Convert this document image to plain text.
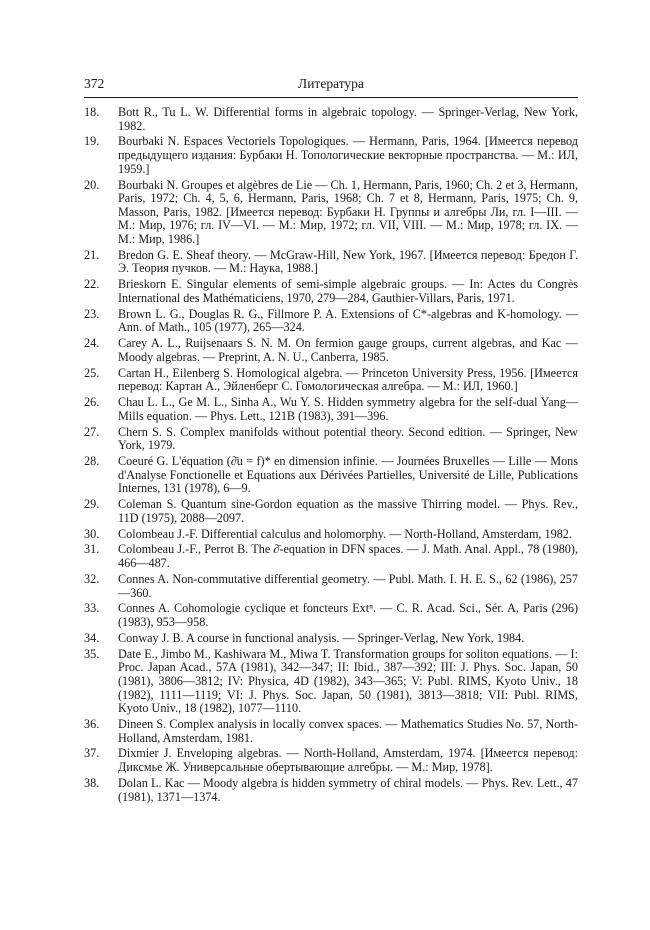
372	Литература
18.	Bott R., Tu L. W. Differential forms in algebraic topology. — Springer-Verlag, New York, 1982.
19.	Bourbaki N. Espaces Vectoriels Topologiques. — Hermann, Paris, 1964. [Имеется перевод предыдущего издания: Бурбаки Н. Топологические векторные пространства. — М.: ИЛ, 1959.]
20.	Bourbaki N. Groupes et algèbres de Lie — Ch. 1, Hermann, Paris, 1960; Ch. 2 et 3, Hermann, Paris, 1972; Ch. 4, 5, 6, Hermann, Paris, 1968; Ch. 7 et 8, Hermann, Paris, 1975; Ch. 9, Masson, Paris, 1982. [Имеется перевод: Бурбаки Н. Группы и алгебры Ли, гл. I—III. — М.: Мир, 1976; гл. IV—VI. — М.: Мир, 1972; гл. VII, VIII. — М.: Мир, 1978; гл. IX. — М.: Мир, 1986.]
21.	Bredon G. E. Sheaf theory. — McGraw-Hill, New York, 1967. [Имеется перевод: Бредон Г. Э. Теория пучков. — М.: Наука, 1988.]
22.	Brieskorn E. Singular elements of semi-simple algebraic groups. — In: Actes du Congrès International des Mathématiciens, 1970, 279—284, Gauthier-Villars, Paris, 1971.
23.	Brown L. G., Douglas R. G., Fillmore P. A. Extensions of C*-algebras and K-homology. — Ann. of Math., 105 (1977), 265—324.
24.	Carey A. L., Ruijsenaars S. N. M. On fermion gauge groups, current algebras, and Kac — Moody algebras. — Preprint, A. N. U., Canberra, 1985.
25.	Cartan H., Eilenberg S. Homological algebra. — Princeton University Press, 1956. [Имеется перевод: Картан А., Эйленберг С. Гомологическая алгебра. — М.: ИЛ, 1960.]
26.	Chau L. L., Ge M. L., Sinha A., Wu Y. S. Hidden symmetry algebra for the self-dual Yang—Mills equation. — Phys. Lett., 121B (1983), 391—396.
27.	Chern S. S. Complex manifolds without potential theory. Second edition. — Springer, New York, 1979.
28.	Coeuré G. L'équation (∂̄u = f)* en dimension infinie. — Journées Bruxelles — Lille — Mons d'Analyse Fonctionelle et Equations aux Dérivées Partielles, Université de Lille, Publications Internes, 131 (1978), 6—9.
29.	Coleman S. Quantum sine-Gordon equation as the massive Thirring model. — Phys. Rev., 11D (1975), 2088—2097.
30.	Colombeau J.-F. Differential calculus and holomorphy. — North-Holland, Amsterdam, 1982.
31.	Colombeau J.-F., Perrot B. The ∂̄-equation in DFN spaces. — J. Math. Anal. Appl., 78 (1980), 466—487.
32.	Connes A. Non-commutative differential geometry. — Publ. Math. I. H. E. S., 62 (1986), 257—360.
33.	Connes A. Cohomologie cyclique et foncteurs Extⁿ. — C. R. Acad. Sci., Sér. A, Paris (296) (1983), 953—958.
34.	Conway J. B. A course in functional analysis. — Springer-Verlag, New York, 1984.
35.	Date E., Jimbo M., Kashiwara M., Miwa T. Transformation groups for soliton equations. — I: Proc. Japan Acad., 57A (1981), 342—347; II: Ibid., 387—392; III: J. Phys. Soc. Japan, 50 (1981), 3806—3812; IV: Physica, 4D (1982), 343—365; V: Publ. RIMS, Kyoto Univ., 18 (1982), 1111—1119; VI: J. Phys. Soc. Japan, 50 (1981), 3813—3818; VII: Publ. RIMS, Kyoto Univ., 18 (1982), 1077—1110.
36.	Dineen S. Complex analysis in locally convex spaces. — Mathematics Studies No. 57, North-Holland, Amsterdam, 1981.
37.	Dixmier J. Enveloping algebras. — North-Holland, Amsterdam, 1974. [Имеется перевод: Диксмье Ж. Универсальные обертывающие алгебры. — М.: Мир, 1978].
38.	Dolan L. Kac — Moody algebra is hidden symmetry of chiral models. — Phys. Rev. Lett., 47 (1981), 1371—1374.
